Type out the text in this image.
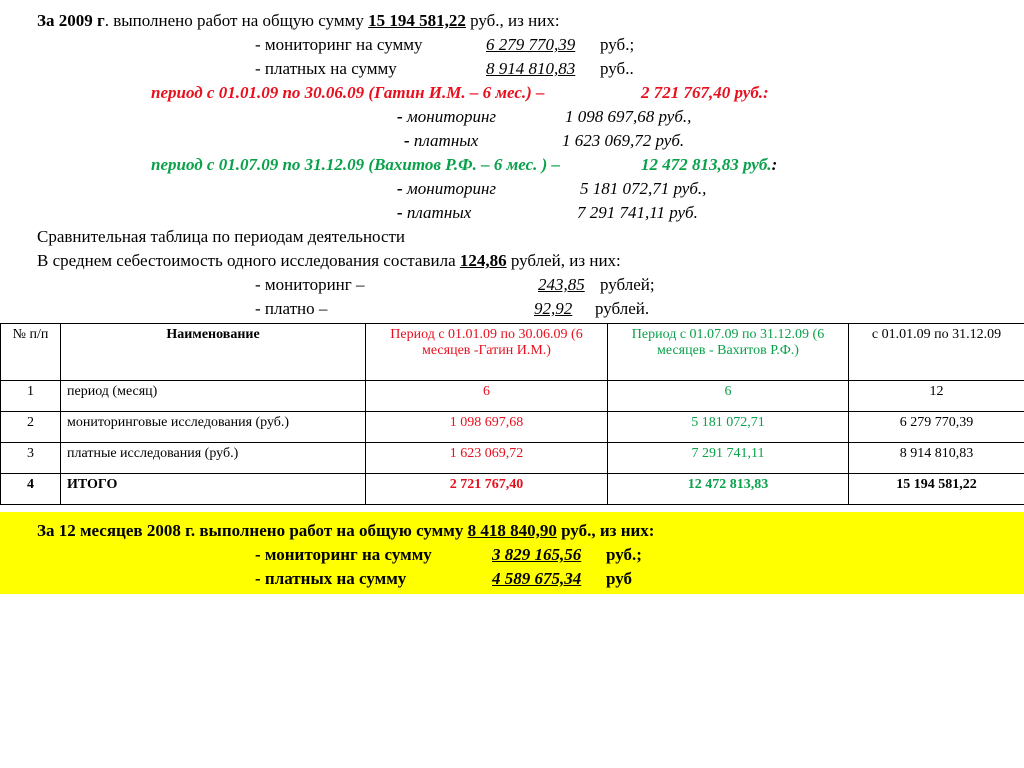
За 2009 г. выполнено работ на общую сумму 15 194 581,22 руб., из них:
- мониторинг на сумму	6 279 770,39 руб.;
- платных на сумму	8 914 810,83 руб..
период с 01.01.09 по 30.06.09 (Гатин И.М. – 6 мес.) –	2 721 767,40 руб.:
- мониторинг	1 098 697,68 руб.,
- платных	1 623 069,72 руб.
период с 01.07.09 по 31.12.09 (Вахитов Р.Ф. – 6 мес. ) –	12 472 813,83 руб.:
- мониторинг	5 181 072,71 руб.,
- платных	7 291 741,11 руб.
Сравнительная таблица по периодам деятельности
В среднем себестоимость одного исследования составила 124,86 рублей, из них:
- мониторинг –	243,85 рублей;
- платно –	92,92 рублей.
№ п/п	Наименование	Период с 01.01.09 по 30.06.09 (6 месяцев -Гатин И.М.)	Период с 01.07.09 по 31.12.09 (6 месяцев - Вахитов Р.Ф.)	с 01.01.09 по 31.12.09
1	период (месяц)	6	6	12
2	мониторинговые исследования (руб.)	1 098 697,68	5 181 072,71	6 279 770,39
3	платные исследования (руб.)	1 623 069,72	7 291 741,11	8 914 810,83
4	ИТОГО	2 721 767,40	12 472 813,83	15 194 581,22
За 12 месяцев 2008 г. выполнено работ на общую сумму 8 418 840,90 руб., из них:
- мониторинг на сумму	3 829 165,56 руб.;
- платных на сумму	4 589 675,34 руб
